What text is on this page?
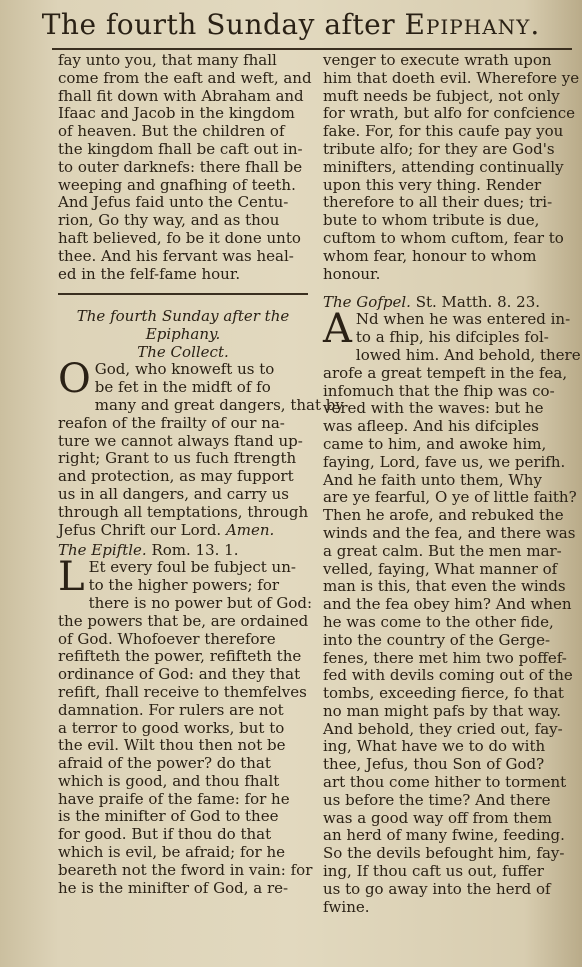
The fourth Sunday after Epiphany.
fay unto you, that many fhall
come from the eaft and weft, and
fhall fit down with Abraham and
Ifaac and Jacob in the kingdom
of heaven. But the children of
the kingdom fhall be caft out in-
to outer darknefs: there fhall be
weeping and gnafhing of teeth.
And Jefus faid unto the Centu-
rion, Go thy way, and as thou
haft believed, fo be it done unto
thee. And his fervant was heal-
ed in the felf-fame hour.
The fourth Sunday after the
Epiphany.
The Collect.
O God, who knoweft us to
be fet in the midft of fo
many and great dangers, that by
reafon of the frailty of our na-
ture we cannot always ftand up-
right; Grant to us fuch ftrength
and protection, as may fupport
us in all dangers, and carry us
through all temptations, through
Jefus Chrift our Lord. Amen.
The Epiftle. Rom. 13. 1.
L Et every foul be fubject un-
to the higher powers; for
there is no power but of God:
the powers that be, are ordained
of God. Whofoever therefore
refifteth the power, refifteth the
ordinance of God: and they that
refift, fhall receive to themfelves
damnation. For rulers are not
a terror to good works, but to
the evil. Wilt thou then not be
afraid of the power? do that
which is good, and thou fhalt
have praife of the fame: for he
is the minifter of God to thee
for good. But if thou do that
which is evil, be afraid; for he
beareth not the fword in vain: for
he is the minifter of God, a re-
venger to execute wrath upon
him that doeth evil. Wherefore ye
muft needs be fubject, not only
for wrath, but alfo for confcience
fake. For, for this caufe pay you
tribute alfo; for they are God's
minifters, attending continually
upon this very thing. Render
therefore to all their dues; tri-
bute to whom tribute is due,
cuftom to whom cuftom, fear to
whom fear, honour to whom
honour.
The Gofpel. St. Matth. 8. 23.
A Nd when he was entered in-
to a fhip, his difciples fol-
lowed him. And behold, there
arofe a great tempeft in the fea,
infomuch that the fhip was co-
vered with the waves: but he
was afleep. And his difciples
came to him, and awoke him,
faying, Lord, fave us, we perifh.
And he faith unto them, Why
are ye fearful, O ye of little faith?
Then he arofe, and rebuked the
winds and the fea, and there was
a great calm. But the men mar-
velled, faying, What manner of
man is this, that even the winds
and the fea obey him? And when
he was come to the other fide,
into the country of the Gerge-
fenes, there met him two poffef-
fed with devils coming out of the
tombs, exceeding fierce, fo that
no man might pafs by that way.
And behold, they cried out, fay-
ing, What have we to do with
thee, Jefus, thou Son of God?
art thou come hither to torment
us before the time? And there
was a good way off from them
an herd of many fwine, feeding.
So the devils befought him, fay-
ing, If thou caft us out, fuffer
us to go away into the herd of
fwine.
